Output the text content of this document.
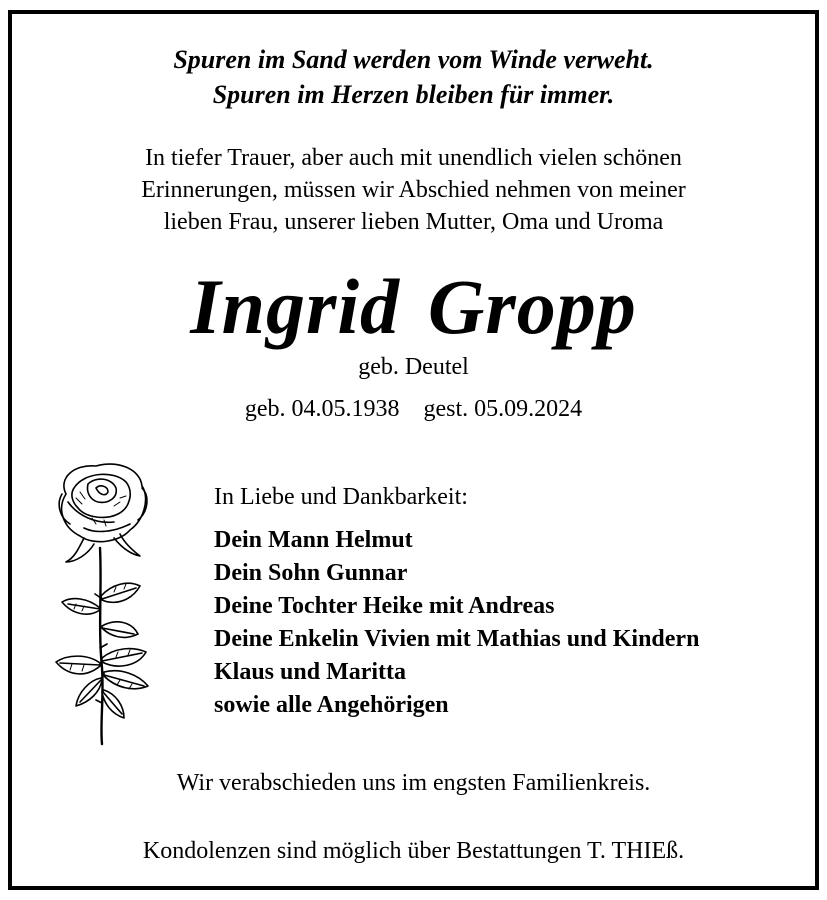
Spuren im Sand werden vom Winde verweht.
Spuren im Herzen bleiben für immer.
In tiefer Trauer, aber auch mit unendlich vielen schönen
Erinnerungen, müssen wir Abschied nehmen von meiner
lieben Frau, unserer lieben Mutter, Oma und Uroma
Ingrid Gropp
geb. Deutel
geb. 04.05.1938 gest. 05.09.2024
In Liebe und Dankbarkeit:
Dein Mann Helmut
Dein Sohn Gunnar
Deine Tochter Heike mit Andreas
Deine Enkelin Vivien mit Mathias und Kindern
Klaus und Maritta
sowie alle Angehörigen
Wir verabschieden uns im engsten Familienkreis.
Kondolenzen sind möglich über Bestattungen T. THIEß.
